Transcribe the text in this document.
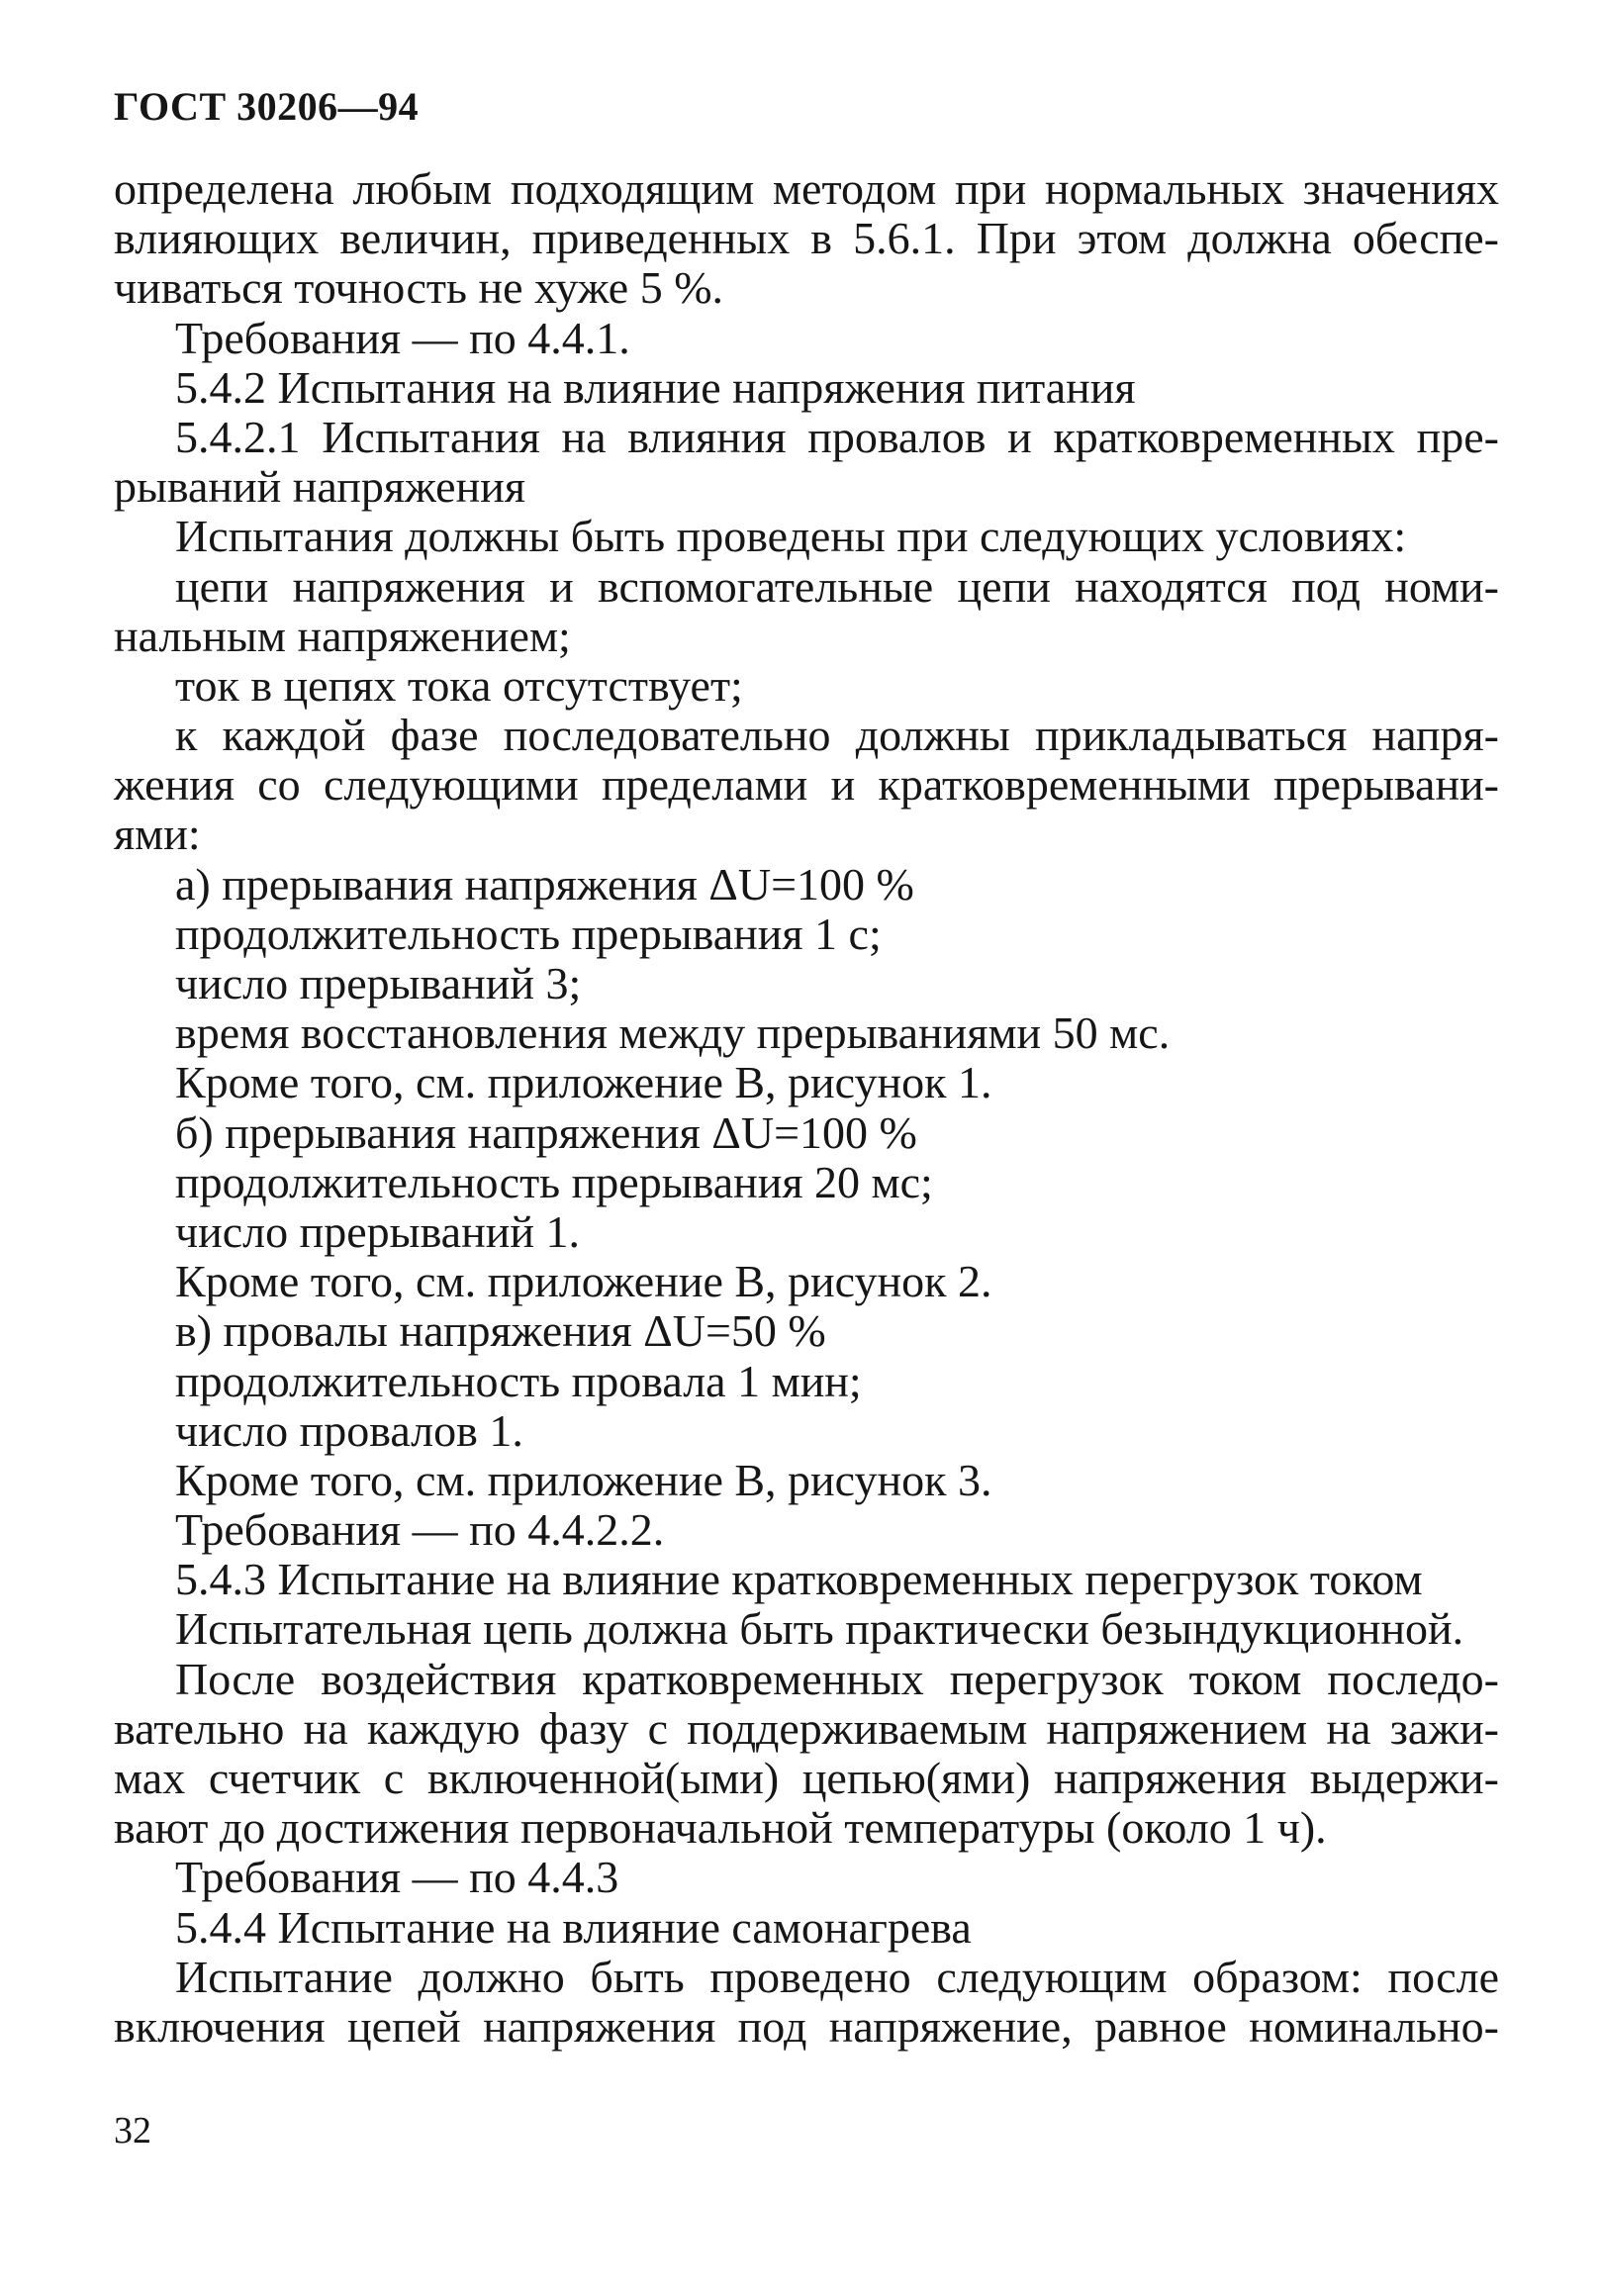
ГОСТ 30206—94
определена любым подходящим методом при нормальных значениях
влияющих величин, приведенных в 5.6.1. При этом должна обеспе-
чиваться точность не хуже 5 %.
Требования — по 4.4.1.
5.4.2 Испытания на влияние напряжения питания
5.4.2.1 Испытания на влияния провалов и кратковременных пре-
рываний напряжения
Испытания должны быть проведены при следующих условиях:
цепи напряжения и вспомогательные цепи находятся под номи-
нальным напряжением;
ток в цепях тока отсутствует;
к каждой фазе последовательно должны прикладываться напря-
жения со следующими пределами и кратковременными прерывани-
ями:
а) прерывания напряжения ΔU=100 %
продолжительность прерывания 1 с;
число прерываний 3;
время восстановления между прерываниями 50 мс.
Кроме того, см. приложение В, рисунок 1.
б) прерывания напряжения ΔU=100 %
продолжительность прерывания 20 мс;
число прерываний 1.
Кроме того, см. приложение В, рисунок 2.
в) провалы напряжения ΔU=50 %
продолжительность провала 1 мин;
число провалов 1.
Кроме того, см. приложение В, рисунок 3.
Требования — по 4.4.2.2.
5.4.3 Испытание на влияние кратковременных перегрузок током
Испытательная цепь должна быть практически безындукционной.
После воздействия кратковременных перегрузок током последо-
вательно на каждую фазу с поддерживаемым напряжением на зажи-
мах счетчик с включенной(ыми) цепью(ями) напряжения выдержи-
вают до достижения первоначальной температуры (около 1 ч).
Требования — по 4.4.3
5.4.4 Испытание на влияние самонагрева
Испытание должно быть проведено следующим образом: после
включения цепей напряжения под напряжение, равное номинально-
32
